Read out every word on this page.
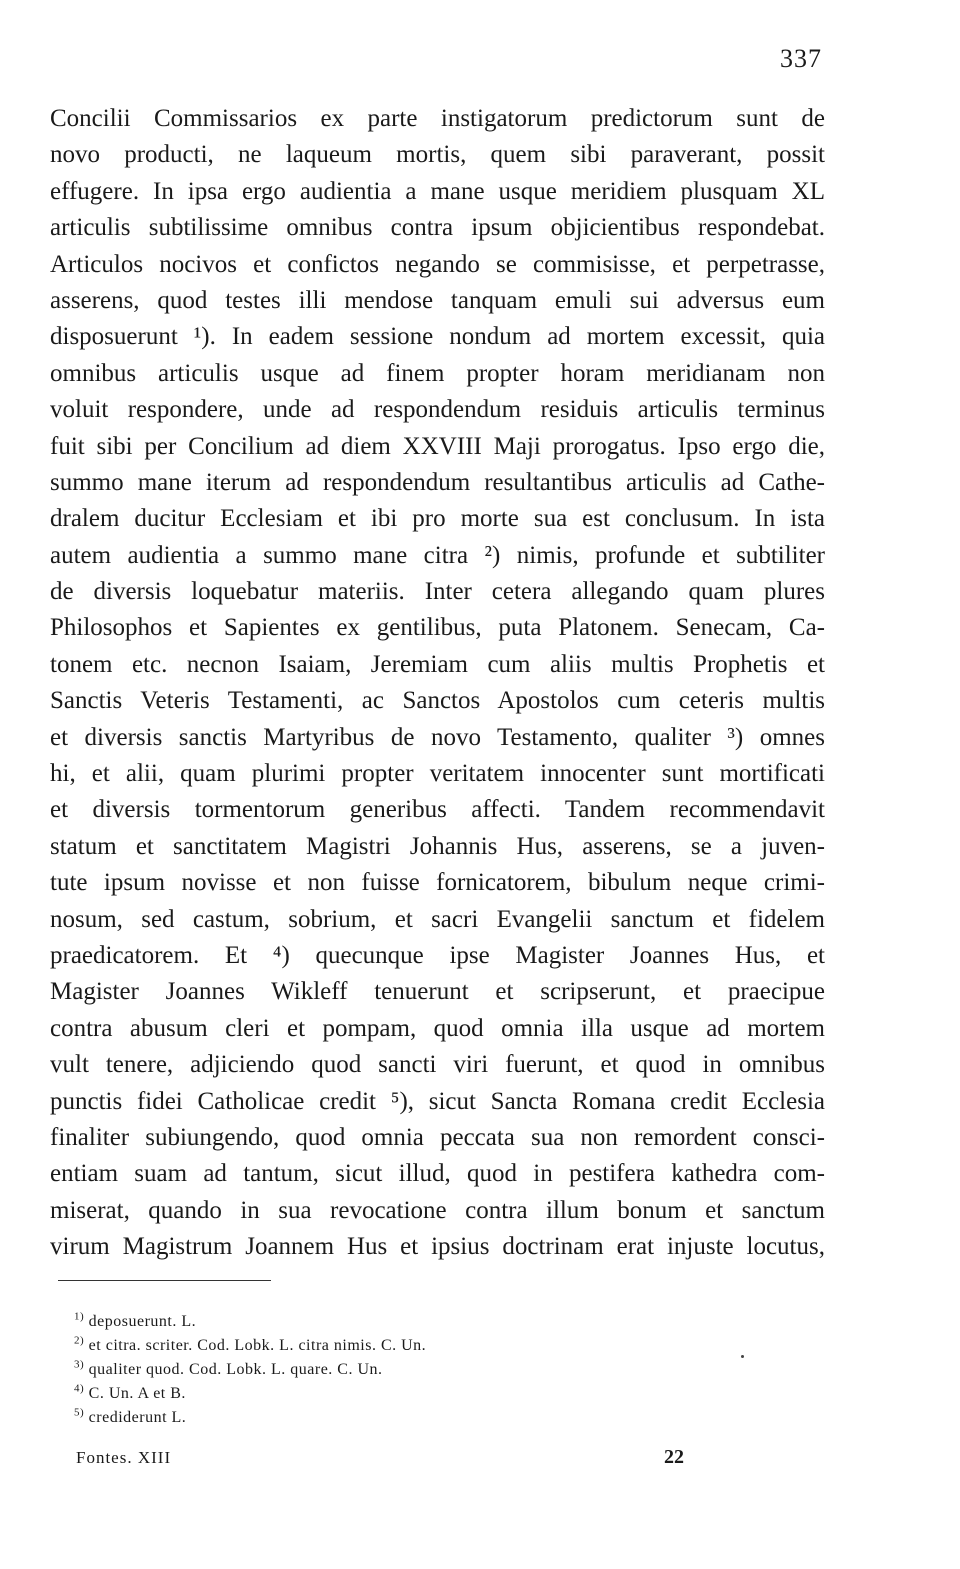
337
Concilii Commissarios ex parte instigatorum predictorum sunt de
novo producti, ne laqueum mortis, quem sibi paraverant, possit
effugere. In ipsa ergo audientia a mane usque meridiem plusquam XL
articulis subtilissime omnibus contra ipsum objicientibus respondebat.
Articulos nocivos et confictos negando se commisisse, et perpetrasse,
asserens, quod testes illi mendose tanquam emuli sui adversus eum
disposuerunt ¹). In eadem sessione nondum ad mortem excessit, quia
omnibus articulis usque ad finem propter horam meridianam non
voluit respondere, unde ad respondendum residuis articulis terminus
fuit sibi per Concilium ad diem XXVIII Maji prorogatus. Ipso ergo die,
summo mane iterum ad respondendum resultantibus articulis ad Cathe-
dralem ducitur Ecclesiam et ibi pro morte sua est conclusum. In ista
autem audientia a summo mane citra ²) nimis, profunde et subtiliter
de diversis loquebatur materiis. Inter cetera allegando quam plures
Philosophos et Sapientes ex gentilibus, puta Platonem. Senecam, Ca-
tonem etc. necnon Isaiam, Jeremiam cum aliis multis Prophetis et
Sanctis Veteris Testamenti, ac Sanctos Apostolos cum ceteris multis
et diversis sanctis Martyribus de novo Testamento, qualiter ³) omnes
hi, et alii, quam plurimi propter veritatem innocenter sunt mortificati
et diversis tormentorum generibus affecti. Tandem recommendavit
statum et sanctitatem Magistri Johannis Hus, asserens, se a juven-
tute ipsum novisse et non fuisse fornicatorem, bibulum neque crimi-
nosum, sed castum, sobrium, et sacri Evangelii sanctum et fidelem
praedicatorem. Et ⁴) quecunque ipse Magister Joannes Hus, et
Magister Joannes Wikleff tenuerunt et scripserunt, et praecipue
contra abusum cleri et pompam, quod omnia illa usque ad mortem
vult tenere, adjiciendo quod sancti viri fuerunt, et quod in omnibus
punctis fidei Catholicae credit ⁵), sicut Sancta Romana credit Ecclesia
finaliter subiungendo, quod omnia peccata sua non remordent consci-
entiam suam ad tantum, sicut illud, quod in pestifera kathedra com-
miserat, quando in sua revocatione contra illum bonum et sanctum
virum Magistrum Joannem Hus et ipsius doctrinam erat injuste locutus,
$^{1)}$ deposuerunt. L.
$^{2)}$ et citra. scriter. Cod. Lobk. L. citra nimis. C. Un.
$^{3)}$ qualiter quod. Cod. Lobk. L. quare. C. Un.
$^{4)}$ C. Un. A et B.
$^{5)}$ crediderunt L.
Fontes. XIII	22
